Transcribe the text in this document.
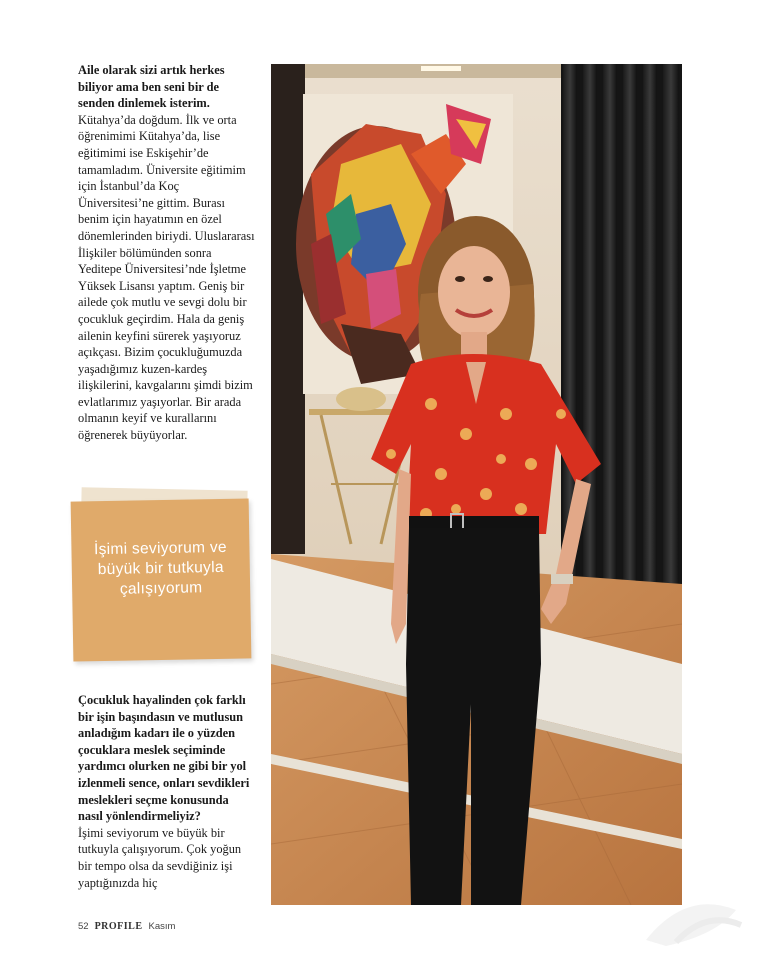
Aile olarak sizi artık herkes biliyor ama ben seni bir de senden dinlemek isterim.

Kütahya’da doğdum. İlk ve orta öğrenimimi Kütahya’da, lise eğitimimi ise Eskişehir’de tamamladım. Üniversite eğitimim için İstanbul’da Koç Üniversitesi’ne gittim. Burası benim için hayatımın en özel dönemlerinden biriydi. Uluslararası İlişkiler bölümünden sonra Yeditepe Üniversitesi’nde İşletme Yüksek Lisansı yaptım. Geniş bir ailede çok mutlu ve sevgi dolu bir çocukluk geçirdim. Hala da geniş ailenin keyfini sürerek yaşıyoruz açıkçası. Bizim çocukluğumuzda yaşadığımız kuzen-kardeş ilişkilerini, kavgalarını şimdi bizim evlatlarımız yaşıyorlar. Bir arada olmanın keyif ve kurallarını öğrenerek büyüyorlar.

İşimi seviyorum ve büyük bir tutkuyla çalışıyorum

Çocukluk hayalinden çok farklı bir işin başındasın ve mutlusun anladığım kadarı ile o yüzden çocuklara meslek seçiminde yardımcı olurken ne gibi bir yol izlenmeli sence, onları sevdikleri meslekleri seçme konusunda nasıl yönlendirmeliyiz?

İşimi seviyorum ve büyük bir tutkuyla çalışıyorum. Çok yoğun bir tempo olsa da sevdiğiniz işi yaptığınızda hiç

52 PROFILE Kasım
